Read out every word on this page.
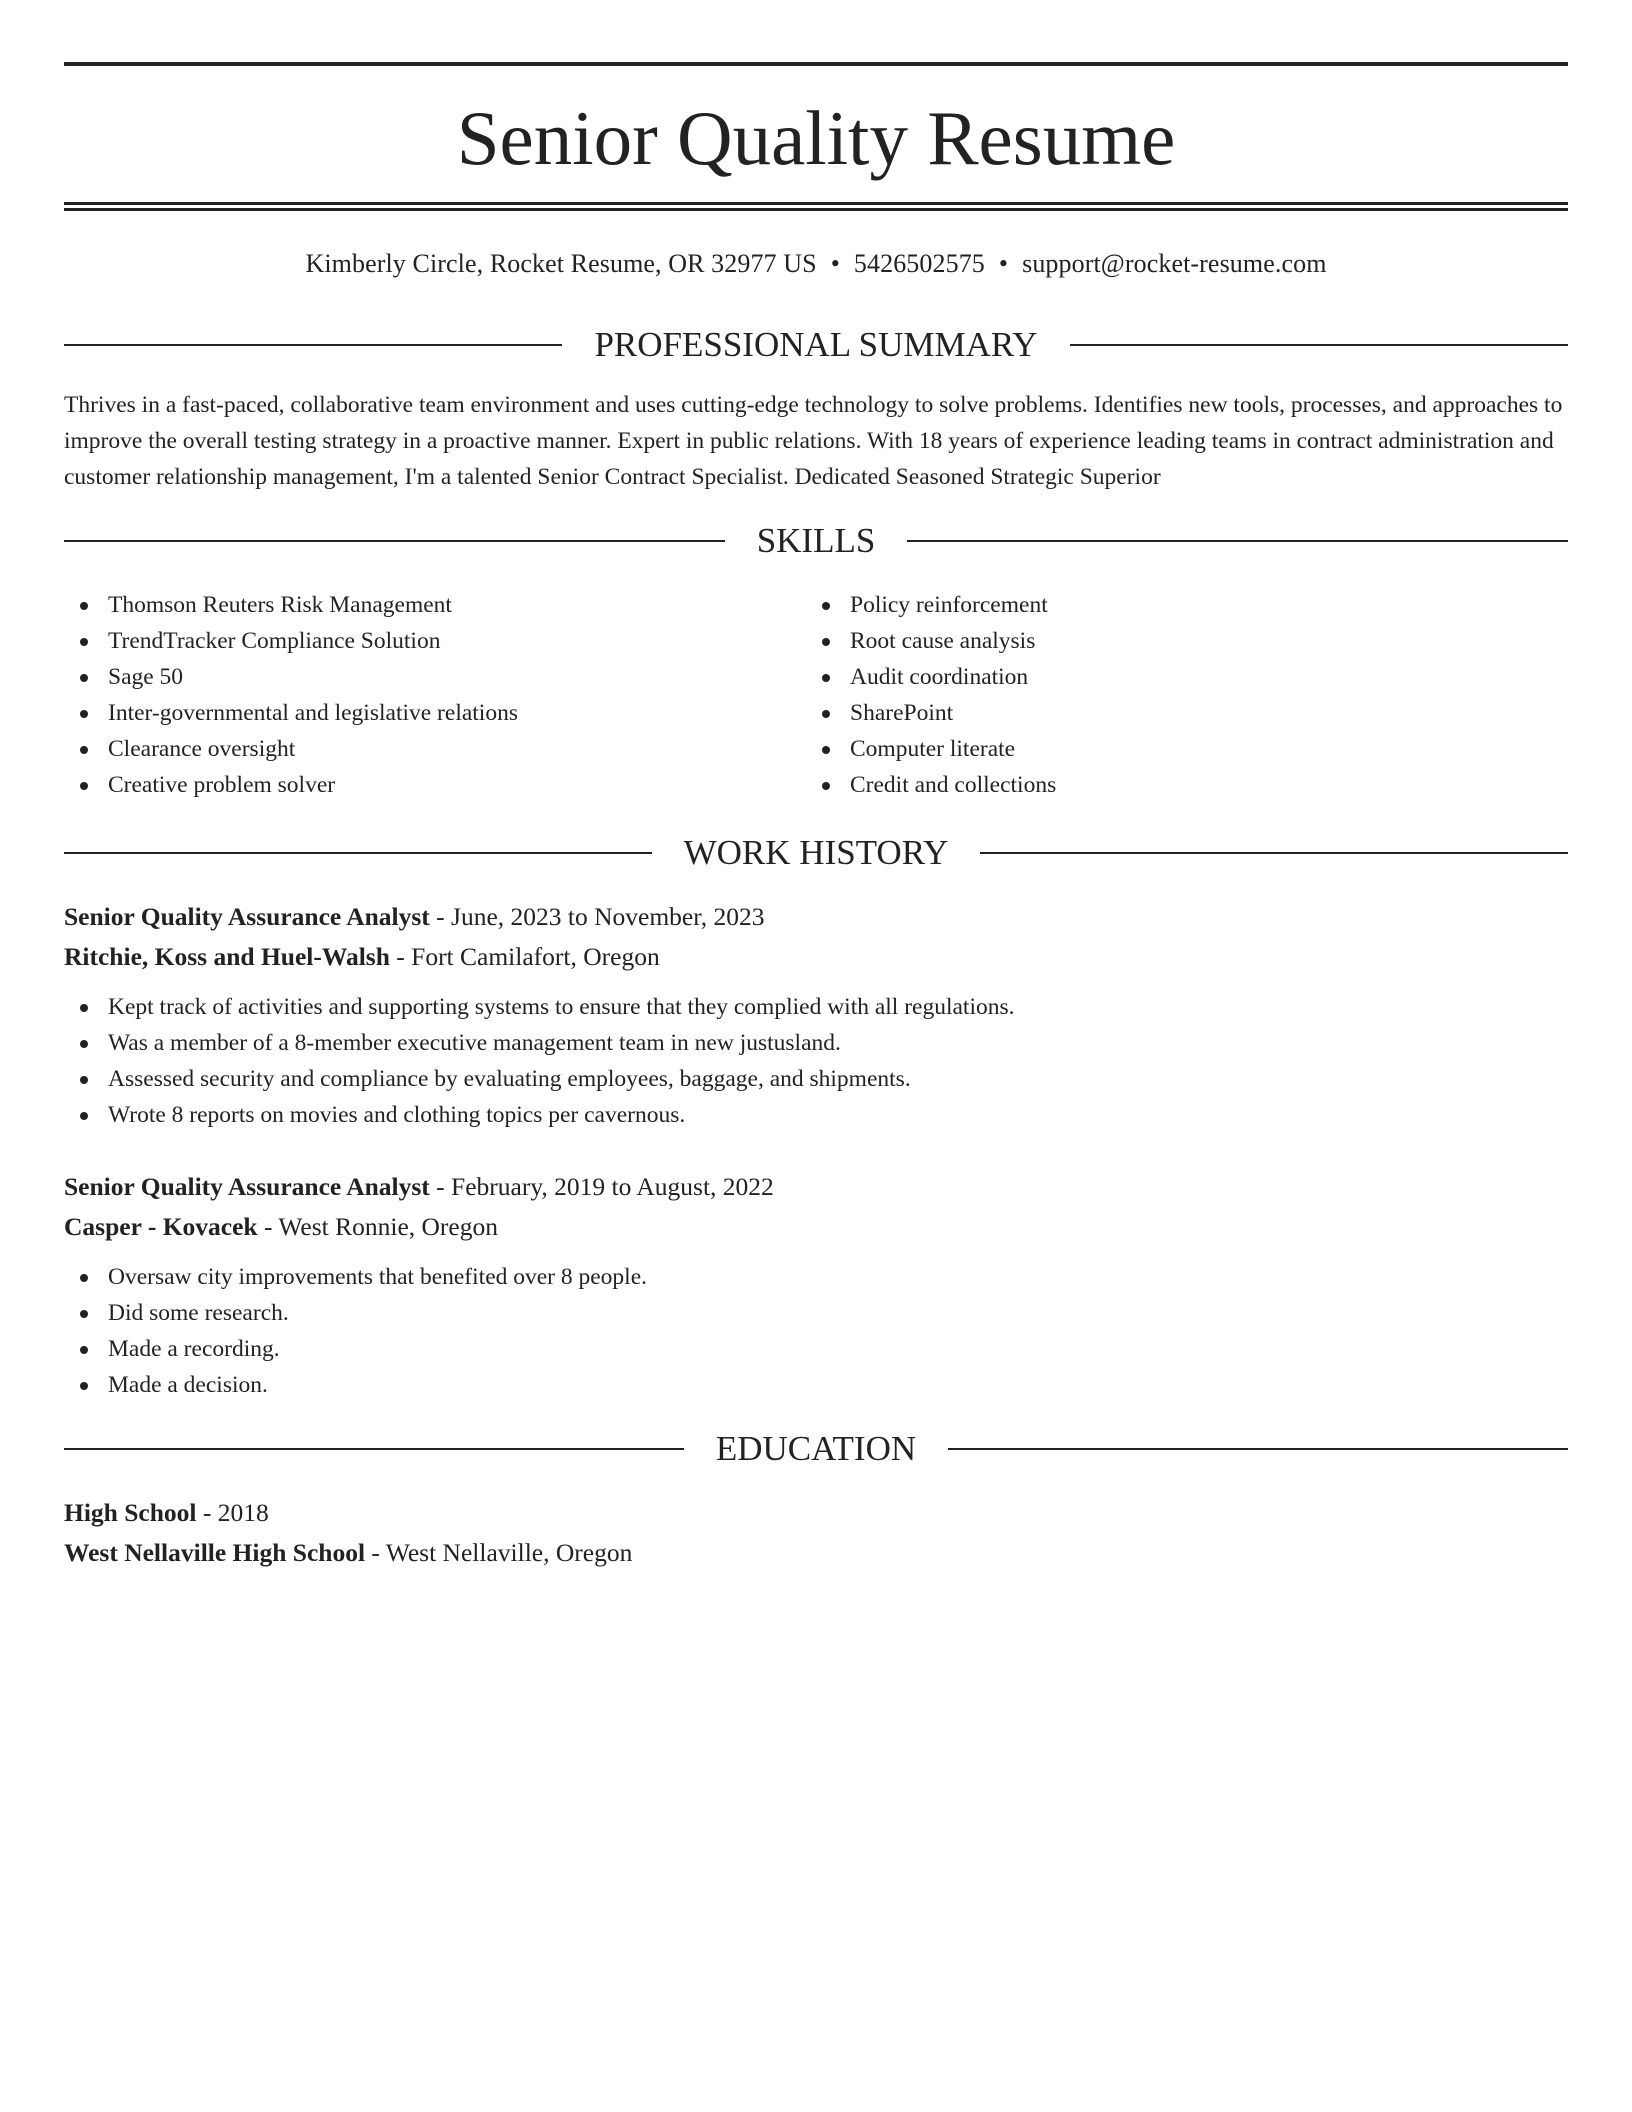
Senior Quality Resume
Kimberly Circle, Rocket Resume, OR 32977 US • 5426502575 • support@rocket-resume.com
PROFESSIONAL SUMMARY

Thrives in a fast-paced, collaborative team environment and uses cutting-edge technology to solve problems. Identifies new tools, processes, and approaches to improve the overall testing strategy in a proactive manner. Expert in public relations. With 18 years of experience leading teams in contract administration and customer relationship management, I'm a talented Senior Contract Specialist. Dedicated Seasoned Strategic Superior

SKILLS
Thomson Reuters Risk Management
TrendTracker Compliance Solution
Sage 50
Inter-governmental and legislative relations
Clearance oversight
Creative problem solver
Policy reinforcement
Root cause analysis
Audit coordination
SharePoint
Computer literate
Credit and collections
WORK HISTORY
Senior Quality Assurance Analyst - June, 2023 to November, 2023
Ritchie, Koss and Huel-Walsh - Fort Camilafort, Oregon
Kept track of activities and supporting systems to ensure that they complied with all regulations.
Was a member of a 8-member executive management team in new justusland.
Assessed security and compliance by evaluating employees, baggage, and shipments.
Wrote 8 reports on movies and clothing topics per cavernous.
Senior Quality Assurance Analyst - February, 2019 to August, 2022
Casper - Kovacek - West Ronnie, Oregon
Oversaw city improvements that benefited over 8 people.
Did some research.
Made a recording.
Made a decision.
EDUCATION
High School - 2018
West Nellaville High School - West Nellaville, Oregon
